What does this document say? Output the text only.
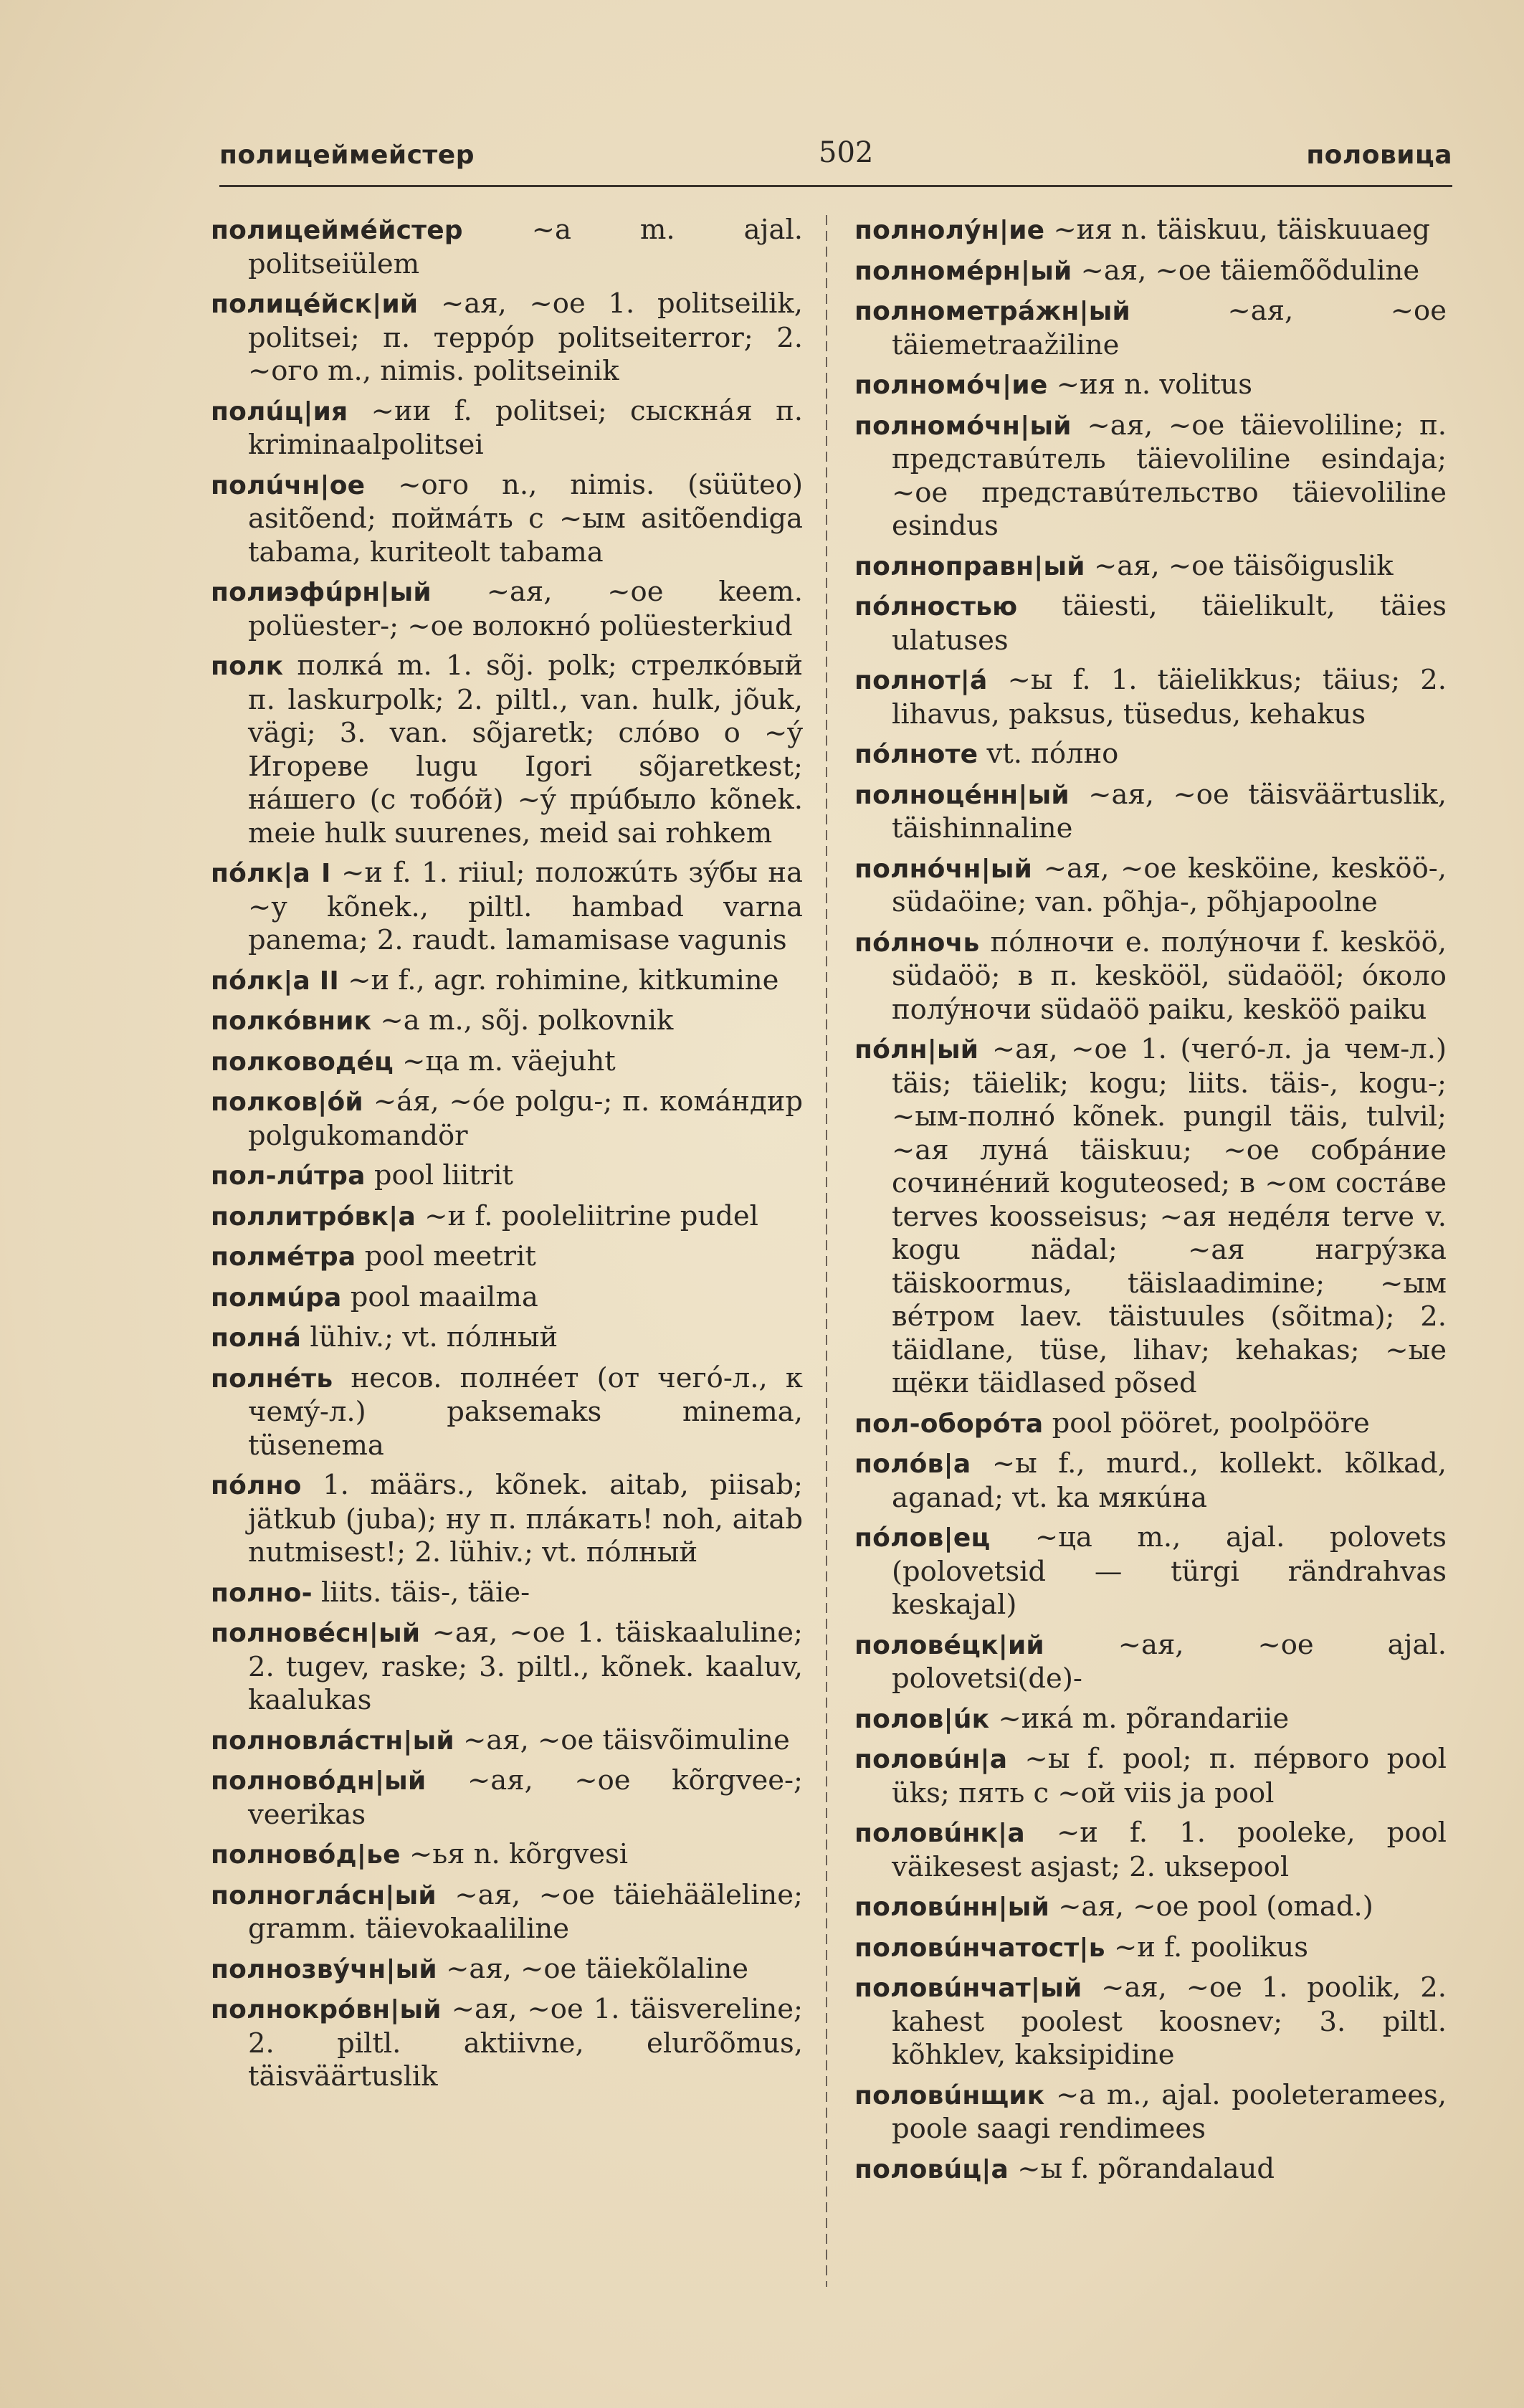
полицеймейстер	502	половица

полицеймéйстер ~а m. ajal. politseiülem

полицéйск|ий ~ая, ~ое 1. politseilik, politsei; п. террóр politseiterror; 2. ~ого m., nimis. politseinik

полúц|ия ~ии f. politsei; сыскнáя п. kriminaalpolitsei

полúчн|ое ~ого n., nimis. (süüteo) asitõend; поймáть с ~ым asitõendiga tabama, kuriteolt tabama

полиэфúрн|ый ~ая, ~ое keem. polüester-; ~ое волокнó polüesterkiud

полк полкá m. 1. sõj. polk; стрелкóвый п. laskurpolk; 2. piltl., van. hulk, jõuk, vägi; 3. van. sõjaretk; слóво о ~ý Игореве lugu Igori sõjaretkest; нáшего (с тобóй) ~ý прúбыло kõnek. meie hulk suurenes, meid sai rohkem

пóлк|а I ~и f. 1. riiul; положúть зýбы на ~у kõnek., piltl. hambad varna panema; 2. raudt. lamamisase vagunis

пóлк|а II ~и f., agr. rohimine, kitkumine

полкóвник ~а m., sõj. polkovnik

полководéц ~ца m. väejuht

полков|óй ~áя, ~óе polgu-; п. комáндир polgukomandör

пол-лúтра pool liitrit

поллитрóвк|а ~и f. pooleliitrine pudel

полмéтра pool meetrit

полмúра pool maailma

полнá lühiv.; vt. пóлный

полнéть несов. полнéет (от чегó-л., к чемý-л.) paksemaks minema, tüsenema

пóлно 1. määrs., kõnek. aitab, piisab; jätkub (juba); ну п. плáкать! noh, aitab nutmisest!; 2. lühiv.; vt. пóлный

полно- liits. täis-, täie-

полновéсн|ый ~ая, ~ое 1. täiskaaluline; 2. tugev, raske; 3. piltl., kõnek. kaaluv, kaalukas

полновлáстн|ый ~ая, ~ое täisvõimuline

полновóдн|ый ~ая, ~ое kõrgvee-; veerikas

полновóд|ье ~ья n. kõrgvesi

полноглáсн|ый ~ая, ~ое täiehääleline; gramm. täievokaaliline

полнозвýчн|ый ~ая, ~ое täiekõlaline

полнокрóвн|ый ~ая, ~ое 1. täisvereline; 2. piltl. aktiivne, elurõõmus, täisväärtuslik

полнолýн|ие ~ия n. täiskuu, täiskuuaeg

полномéрн|ый ~ая, ~ое täiemõõduline

полнометрáжн|ый ~ая, ~ое täiemetraažiline

полномóч|ие ~ия n. volitus

полномóчн|ый ~ая, ~ое täievoliline; п. представúтель täievoliline esindaja; ~ое представúтельство täievoliline esindus

полноправн|ый ~ая, ~ое täisõiguslik

пóлностью täiesti, täielikult, täies ulatuses

полнот|á ~ы f. 1. täielikkus; täius; 2. lihavus, paksus, tüsedus, kehakus

пóлноте vt. пóлно

полноцéнн|ый ~ая, ~ое täisväärtuslik, täishinnaline

полнóчн|ый ~ая, ~ое kesköine, kesköö-, südaöine; van. põhja-, põhjapoolne

пóлночь пóлночи e. полýночи f. kesköö, südaöö; в п. keskööl, südaööl; óколо полýночи südaöö paiku, kesköö paiku

пóлн|ый ~ая, ~ое 1. (чегó-л. ja чем-л.) täis; täielik; kogu; liits. täis-, kogu-; ~ым-полнó kõnek. pungil täis, tulvil; ~ая лунá täiskuu; ~ое собрáние сочинéний koguteosed; в ~ом состáве terves koosseisus; ~ая недéля terve v. kogu nädal; ~ая нагрýзка täiskoormus, täislaadimine; ~ым вéтром laev. täistuules (sõitma); 2. täidlane, tüse, lihav; kehakas; ~ые щёки täidlased põsed

пол-оборóта pool pööret, poolpööre

полóв|а ~ы f., murd., kollekt. kõlkad, aganad; vt. ka мякúна

пóлов|ец ~ца m., ajal. polovets (polovetsid — türgi rändrahvas keskajal)

половéцк|ий ~ая, ~ое ajal. polovetsi(de)-

полов|úк ~икá m. põrandariie

половúн|а ~ы f. pool; п. пéрвого pool üks; пять с ~ой viis ja pool

половúнк|а ~и f. 1. pooleke, pool väikesest asjast; 2. uksepool

половúнн|ый ~ая, ~ое pool (omad.)

половúнчатост|ь ~и f. poolikus

половúнчат|ый ~ая, ~ое 1. poolik, 2. kahest poolest koosnev; 3. piltl. kõhklev, kaksipidine

половúнщик ~а m., ajal. pooleteramees, poole saagi rendimees

половúц|а ~ы f. põrandalaud
